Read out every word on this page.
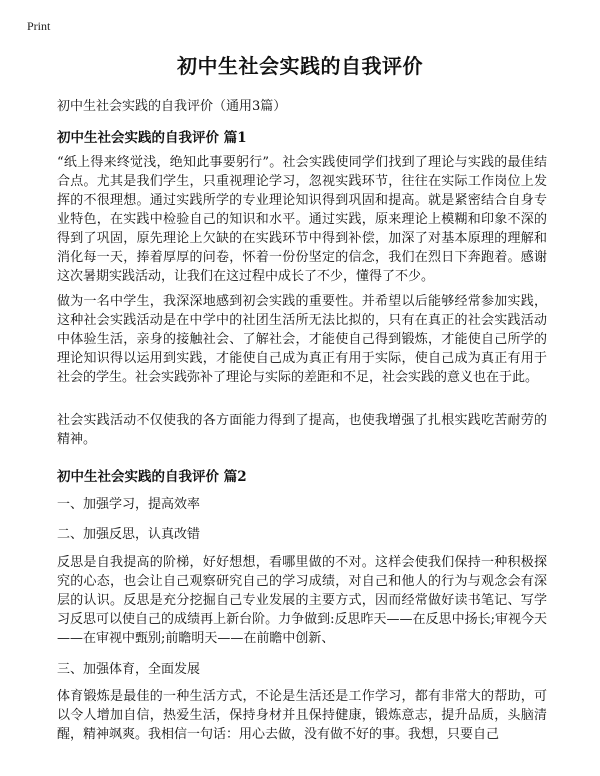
Print
初中生社会实践的自我评价
初中生社会实践的自我评价（通用3篇）
初中生社会实践的自我评价 篇1

“纸上得来终觉浅，绝知此事要躬行”。社会实践使同学们找到了理论与实践的最佳结合点。尤其是我们学生，只重视理论学习，忽视实践环节，往往在实际工作岗位上发挥的不很理想。通过实践所学的专业理论知识得到巩固和提高。就是紧密结合自身专业特色，在实践中检验自己的知识和水平。通过实践，原来理论上模糊和印象不深的得到了巩固，原先理论上欠缺的在实践环节中得到补偿，加深了对基本原理的理解和消化每一天，捧着厚厚的问卷，怀着一份份坚定的信念，我们在烈日下奔跑着。感谢这次暑期实践活动，让我们在这过程中成长了不少，懂得了不少。

做为一名中学生，我深深地感到初会实践的重要性。并希望以后能够经常参加实践，这种社会实践活动是在中学中的社团生活所无法比拟的，只有在真正的社会实践活动中体验生活，亲身的接触社会、了解社会，才能使自己得到锻炼，才能使自己所学的理论知识得以运用到实践，才能使自己成为真正有用于实际，使自己成为真正有用于社会的学生。社会实践弥补了理论与实际的差距和不足，社会实践的意义也在于此。

社会实践活动不仅使我的各方面能力得到了提高，也使我增强了扎根实践吃苦耐劳的精神。

初中生社会实践的自我评价 篇2
一、加强学习，提高效率
二、加强反思，认真改错

反思是自我提高的阶梯，好好想想，看哪里做的不对。这样会使我们保持一种积极探究的心态，也会让自己观察研究自己的学习成绩，对自己和他人的行为与观念会有深层的认识。反思是充分挖掘自己专业发展的主要方式，因而经常做好读书笔记、写学习反思可以使自己的成绩再上新台阶。力争做到:反思昨天——在反思中扬长;审视今天——在审视中甄别;前瞻明天——在前瞻中创新、

三、加强体育，全面发展

体育锻炼是最佳的一种生活方式，不论是生活还是工作学习，都有非常大的帮助，可以令人增加自信，热爱生活，保持身材并且保持健康，锻炼意志，提升品质，头脑清醒，精神飒爽。我相信一句话：用心去做，没有做不好的事。我想，只要自己
